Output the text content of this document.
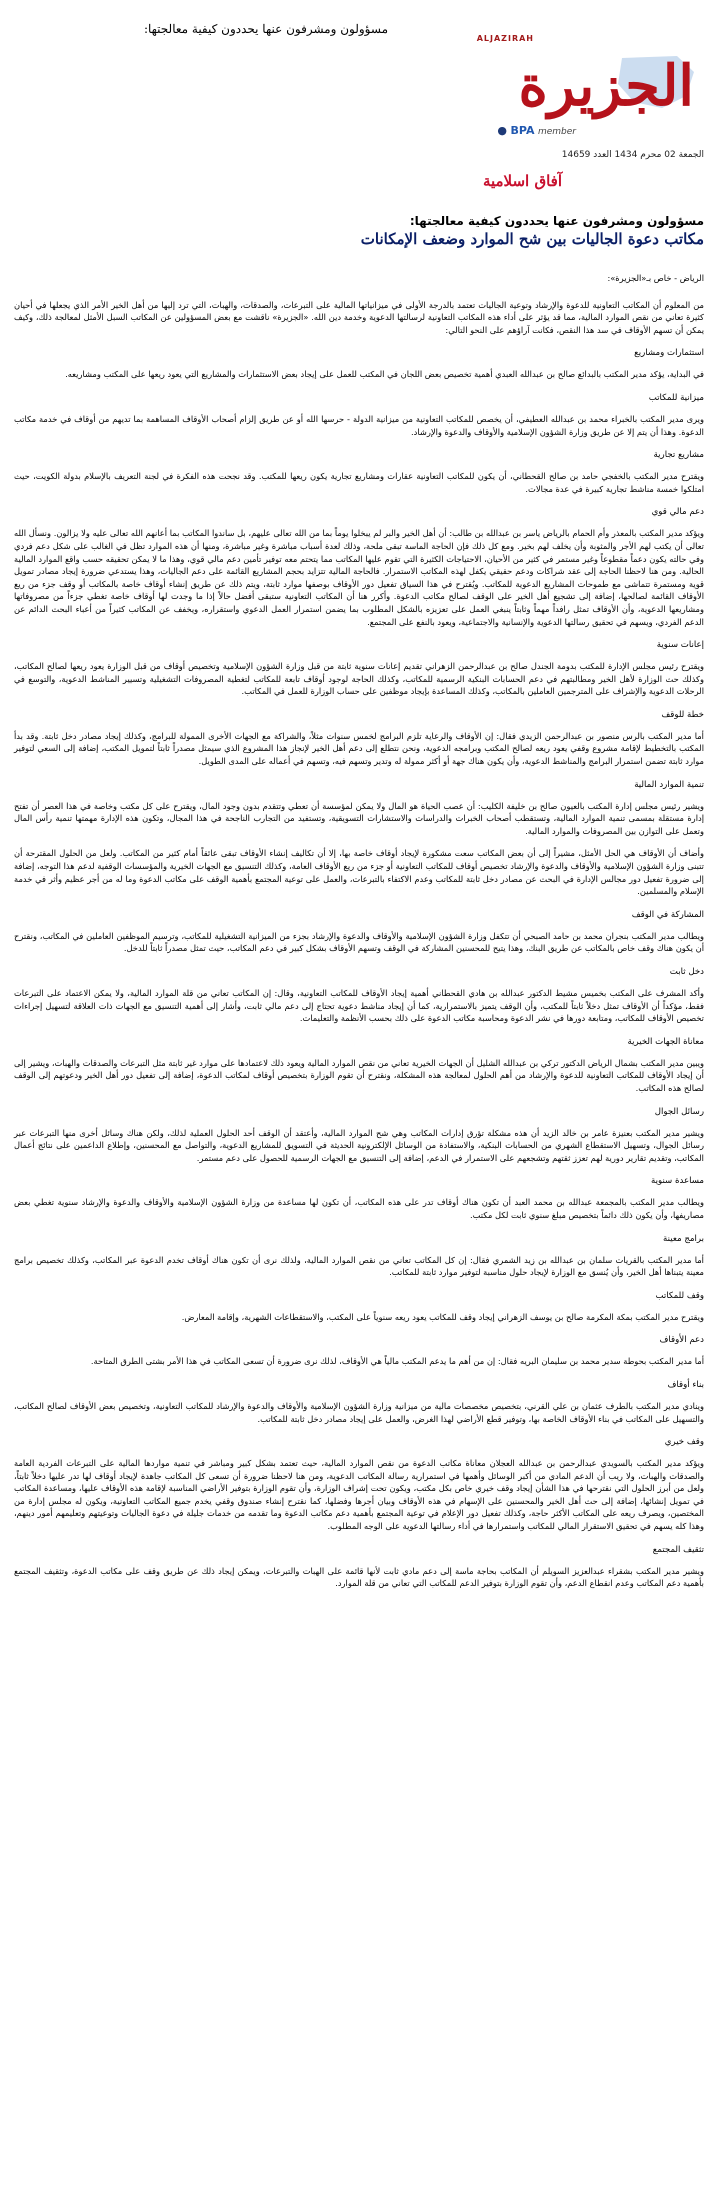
مسؤولون ومشرفون عنها يحددون كيفية معالجتها:
ALJAZIRAH
الجزيرة
● BPA member
الجمعة 02 محرم 1434 العدد 14659
آفاق اسلامية
مسؤولون ومشرفون عنها يحددون كيفية معالجتها:
مكاتب دعوة الجاليات بين شح الموارد وضعف الإمكانات

الرياض - خاص بـ«الجزيرة»:

من المعلوم أن المكاتب التعاونية للدعوة والإرشاد وتوعية الجاليات تعتمد بالدرجة الأولى في ميزانياتها المالية على التبرعات، والصدقات، والهبات، التي ترد إليها من أهل الخير الأمر الذي يجعلها في أحيان كثيرة تعاني من نقص الموارد المالية، مما قد يؤثر على أداء هذه المكاتب التعاونية لرسالتها الدعوية وخدمة دين الله. «الجزيرة» ناقشت مع بعض المسؤولين عن المكاتب السبل الأمثل لمعالجة ذلك، وكيف يمكن أن تسهم الأوقاف في سد هذا النقص، فكانت آراؤهم على النحو التالي:

استثمارات ومشاريع

في البداية، يؤكد مدير المكتب بالبدائع صالح بن عبدالله العبدي أهمية تخصيص بعض اللجان في المكتب للعمل على إيجاد بعض الاستثمارات والمشاريع التي يعود ريعها على المكتب ومشاريعه.

ميزانية للمكاتب

ويرى مدير المكتب بالخبراء محمد بن عبدالله العطيفي، أن يخصص للمكاتب التعاونية من ميزانية الدولة - حرسها الله أو عن طريق إلزام أصحاب الأوقاف المساهمة بما تديهم من أوقاف في خدمة مكاتب الدعوة. وهذا أن يتم إلا عن طريق وزارة الشؤون الإسلامية والأوقاف والدعوة والإرشاد.

مشاريع تجارية

ويقترح مدير المكتب بالخفجي حامد بن صالح القحطاني، أن يكون للمكاتب التعاونية عقارات ومشاريع تجارية يكون ريعها للمكتب. وقد نجحت هذه الفكرة في لجنة التعريف بالإسلام بدولة الكويت، حيث امتلكوا خمسة مناشط تجارية كبيرة في عدة مجالات.

دعم مالي قوي

ويؤكد مدير المكتب بالمعذر وأم الحمام بالرياض ياسر بن عبدالله بن طالب: أن أهل الخير والبر لم يبخلوا يوماً بما من الله تعالى عليهم، بل ساندوا المكاتب بما أعانهم الله تعالى عليه ولا يزالون. ونسأل الله تعالى أن يكتب لهم الأجر والمثوبة وأن يخلف لهم بخير. ومع كل ذلك فإن الحاجة الماسة تبقى ملحة، وذلك لعدة أسباب مباشرة وغير مباشرة، ومنها أن هذه الموارد تظل في الغالب على شكل دعم فردي وفي حالته يكون دعماً مقطوعاً وغير مستمر في كثير من الأحيان، الاحتياجات الكثيرة التي تقوم عليها المكاتب مما يتحتم معه توفير تأمين دعم مالي قوي، وهذا ما لا يمكن تحقيقه حسب واقع الموارد المالية الحالية. ومن هنا لاحظنا الحاجة إلى عقد شراكات ودعم حقيقي يكفل لهذه المكاتب الاستمرار. فالحاجة المالية تتزايد بحجم المشاريع القائمة على دعم الجاليات، وهذا يستدعي ضرورة إيجاد مصادر تمويل قوية ومستمرة تتماشى مع طموحات المشاريع الدعوية للمكاتب. ويُقترح في هذا السياق تفعيل دور الأوقاف بوصفها موارد ثابتة، ويتم ذلك عن طريق إنشاء أوقاف خاصة بالمكاتب أو وقف جزء من ريع الأوقاف القائمة لصالحها، إضافة إلى تشجيع أهل الخير على الوقف لصالح مكاتب الدعوة. وأكرر هنا أن المكاتب التعاونية ستبقى أفضل حالاً إذا ما وجدت لها أوقاف خاصة تغطي جزءاً من مصروفاتها ومشاريعها الدعوية، وأن الأوقاف تمثل رافداً مهماً وثابتاً ينبغي العمل على تعزيزه بالشكل المطلوب بما يضمن استمرار العمل الدعوي واستقراره، ويخفف عن المكاتب كثيراً من أعباء البحث الدائم عن الدعم الفردي، ويسهم في تحقيق رسالتها الدعوية والإنسانية والاجتماعية، ويعود بالنفع على المجتمع.

إعانات سنوية

ويقترح رئيس مجلس الإدارة للمكتب بدومة الجندل صالح بن عبدالرحمن الزهراني تقديم إعانات سنوية ثابتة من قبل وزارة الشؤون الإسلامية وتخصيص أوقاف من قبل الوزارة يعود ريعها لصالح المكاتب، وكذلك حث الوزارة لأهل الخير ومطالبتهم في دعم الحسابات البنكية الرسمية للمكاتب، وكذلك الحاجة لوجود أوقاف تابعة للمكاتب لتغطية المصروفات التشغيلية وتسيير المناشط الدعوية، والتوسع في الرحلات الدعوية والإشراف على المترجمين العاملين بالمكاتب، وكذلك المساعدة بإيجاد موظفين على حساب الوزارة للعمل في المكاتب.

خطة للوقف

أما مدير المكتب بالرس منصور بن عبدالرحمن الزيدي فقال: إن الأوقاف والرعاية تلزم البرامج لخمس سنوات مثلاً، والشراكة مع الجهات الأخرى الممولة للبرامج، وكذلك إيجاد مصادر دخل ثابتة. وقد بدأ المكتب بالتخطيط لإقامة مشروع وقفي يعود ريعه لصالح المكتب وبرامجه الدعوية، ونحن نتطلع إلى دعم أهل الخير لإنجاز هذا المشروع الذي سيمثل مصدراً ثابتاً لتمويل المكتب، إضافة إلى السعي لتوفير موارد ثابتة تضمن استمرار البرامج والمناشط الدعوية، وأن يكون هناك جهة أو أكثر ممولة له وتدير وتسهم فيه، وتسهم في أعماله على المدى الطويل.

تنمية الموارد المالية

ويشير رئيس مجلس إدارة المكتب بالعيون صالح بن خليفة الكليب: أن عصب الحياة هو المال ولا يمكن لمؤسسة أن تعطي وتتقدم بدون وجود المال، ويقترح على كل مكتب وخاصة في هذا العصر أن تفتح إدارة مستقلة بمسمى تنمية الموارد المالية، وتستقطب أصحاب الخبرات والدراسات والاستشارات التسويقية، وتستفيد من التجارب الناجحة في هذا المجال، وتكون هذه الإدارة مهمتها تنمية رأس المال وتعمل على التوازن بين المصروفات والموارد المالية.

وأضاف أن الأوقاف هي الحل الأمثل، مشيراً إلى أن بعض المكاتب سعت مشكورة لإيجاد أوقاف خاصة بها، إلا أن تكاليف إنشاء الأوقاف تبقى عائقاً أمام كثير من المكاتب. ولعل من الحلول المقترحة أن تتبنى وزارة الشؤون الإسلامية والأوقاف والدعوة والإرشاد تخصيص أوقاف للمكاتب التعاونية أو جزء من ريع الأوقاف العامة، وكذلك التنسيق مع الجهات الخيرية والمؤسسات الوقفية لدعم هذا التوجه، إضافة إلى ضرورة تفعيل دور مجالس الإدارة في البحث عن مصادر دخل ثابتة للمكاتب وعدم الاكتفاء بالتبرعات، والعمل على توعية المجتمع بأهمية الوقف على مكاتب الدعوة وما له من أجر عظيم وأثر في خدمة الإسلام والمسلمين.

المشاركة في الوقف

ويطالب مدير المكتب بنجران محمد بن حامد الصبحي أن تتكفل وزارة الشؤون الإسلامية والأوقاف والدعوة والإرشاد بجزء من الميزانية التشغيلية للمكاتب، وترسيم الموظفين العاملين في المكاتب، ونقترح أن يكون هناك وقف خاص بالمكاتب عن طريق البنك، وهذا يتيح للمحسنين المشاركة في الوقف وتسهم الأوقاف بشكل كبير في دعم المكاتب، حيث تمثل مصدراً ثابتاً للدخل.

دخل ثابت

وأكد المشرف على المكتب بخميس مشيط الدكتور عبدالله بن هادي القحطاني أهمية إيجاد الأوقاف للمكاتب التعاونية، وقال: إن المكاتب تعاني من قلة الموارد المالية، ولا يمكن الاعتماد على التبرعات فقط، مؤكداً أن الأوقاف تمثل دخلاً ثابتاً للمكتب، وأن الوقف يتميز بالاستمرارية، كما أن إيجاد مناشط دعوية تحتاج إلى دعم مالي ثابت، وأشار إلى أهمية التنسيق مع الجهات ذات العلاقة لتسهيل إجراءات تخصيص الأوقاف للمكاتب، ومتابعة دورها في نشر الدعوة ومحاسبة مكاتب الدعوة على ذلك بحسب الأنظمة والتعليمات.

معاناة الجهات الخيرية

ويبين مدير المكتب بشمال الرياض الدكتور تركي بن عبدالله الشليل أن الجهات الخيرية تعاني من نقص الموارد المالية ويعود ذلك لاعتمادها على موارد غير ثابتة مثل التبرعات والصدقات والهبات، ويشير إلى أن إيجاد الأوقاف للمكاتب التعاونية للدعوة والإرشاد من أهم الحلول لمعالجة هذه المشكلة، ونقترح أن تقوم الوزارة بتخصيص أوقاف لمكاتب الدعوة، إضافة إلى تفعيل دور أهل الخير ودعوتهم إلى الوقف لصالح هذه المكاتب.

رسائل الجوال

ويشير مدير المكتب بعنيزة عامر بن خالد الزيد أن هذه مشكلة تؤرق إدارات المكاتب وهي شح الموارد المالية، وأعتقد أن الوقف أحد الحلول العملية لذلك، ولكن هناك وسائل أخرى منها التبرعات عبر رسائل الجوال، وتسهيل الاستقطاع الشهري من الحسابات البنكية، والاستفادة من الوسائل الإلكترونية الحديثة في التسويق للمشاريع الدعوية، والتواصل مع المحسنين، وإطلاع الداعمين على نتائج أعمال المكاتب، وتقديم تقارير دورية لهم تعزز ثقتهم وتشجعهم على الاستمرار في الدعم، إضافة إلى التنسيق مع الجهات الرسمية للحصول على دعم مستمر.

مساعدة سنوية

ويطالب مدير المكتب بالمجمعة عبدالله بن محمد العبد أن تكون هناك أوقاف تدر على هذه المكاتب، أن تكون لها مساعدة من وزارة الشؤون الإسلامية والأوقاف والدعوة والإرشاد سنوية تغطي بعض مصاريفها، وأن يكون ذلك دائماً بتخصيص مبلغ سنوي ثابت لكل مكتب.

برامج معينة

أما مدير المكتب بالقريات سلمان بن عبدالله بن زيد الشمري فقال: إن كل المكاتب تعاني من نقص الموارد المالية، ولذلك نرى أن تكون هناك أوقاف تخدم الدعوة عبر المكاتب، وكذلك تخصيص برامج معينة يتبناها أهل الخير، وأن يُنسق مع الوزارة لإيجاد حلول مناسبة لتوفير موارد ثابتة للمكاتب.

وقف للمكاتب

ويقترح مدير المكتب بمكة المكرمة صالح بن يوسف الزهراني إيجاد وقف للمكاتب يعود ريعه سنوياً على المكتب، والاستقطاعات الشهرية، وإقامة المعارض.

دعم الأوقاف

أما مدير المكتب بحوطة سدير محمد بن سليمان البريه فقال: إن من أهم ما يدعم المكتب مالياً هي الأوقاف، لذلك نرى ضرورة أن تسعى المكاتب في هذا الأمر بشتى الطرق المتاحة.

بناء أوقاف

وينادي مدير المكتب بالطرف عثمان بن علي القرني، بتخصيص مخصصات مالية من ميزانية وزارة الشؤون الإسلامية والأوقاف والدعوة والإرشاد للمكاتب التعاونية، وتخصيص بعض الأوقاف لصالح المكاتب، والتسهيل على المكاتب في بناء الأوقاف الخاصة بها، وتوفير قطع الأراضي لهذا الغرض، والعمل على إيجاد مصادر دخل ثابتة للمكاتب.

وقف خيري

ويؤكد مدير المكتب بالسويدي عبدالرحمن بن عبدالله العجلان معاناة مكاتب الدعوة من نقص الموارد المالية، حيث تعتمد بشكل كبير ومباشر في تنمية مواردها المالية على التبرعات الفردية العامة والصدقات والهبات، ولا ريب أن الدعم المادي من أكبر الوسائل وأهمها في استمرارية رسالة المكاتب الدعوية، ومن هنا لاحظنا ضرورة أن تسعى كل المكاتب جاهدة لإيجاد أوقاف لها تدر عليها دخلاً ثابتاً، ولعل من أبرز الحلول التي نقترحها في هذا الشأن إيجاد وقف خيري خاص بكل مكتب، ويكون تحت إشراف الوزارة، وأن تقوم الوزارة بتوفير الأراضي المناسبة لإقامة هذه الأوقاف عليها، ومساعدة المكاتب في تمويل إنشائها، إضافة إلى حث أهل الخير والمحسنين على الإسهام في هذه الأوقاف وبيان أجرها وفضلها، كما نقترح إنشاء صندوق وقفي يخدم جميع المكاتب التعاونية، ويكون له مجلس إدارة من المختصين، ويصرف ريعه على المكاتب الأكثر حاجة، وكذلك تفعيل دور الإعلام في توعية المجتمع بأهمية دعم مكاتب الدعوة وما تقدمه من خدمات جليلة في دعوة الجاليات وتوعيتهم وتعليمهم أمور دينهم، وهذا كله يسهم في تحقيق الاستقرار المالي للمكاتب واستمرارها في أداء رسالتها الدعوية على الوجه المطلوب.

تثقيف المجتمع

ويشير مدير المكتب بشقراء عبدالعزيز السويلم أن المكاتب بحاجة ماسة إلى دعم مادي ثابت لأنها قائمة على الهبات والتبرعات، ويمكن إيجاد ذلك عن طريق وقف على مكاتب الدعوة، وتثقيف المجتمع بأهمية دعم المكاتب وعدم انقطاع الدعم، وأن تقوم الوزارة بتوفير الدعم للمكاتب التي تعاني من قلة الموارد.
